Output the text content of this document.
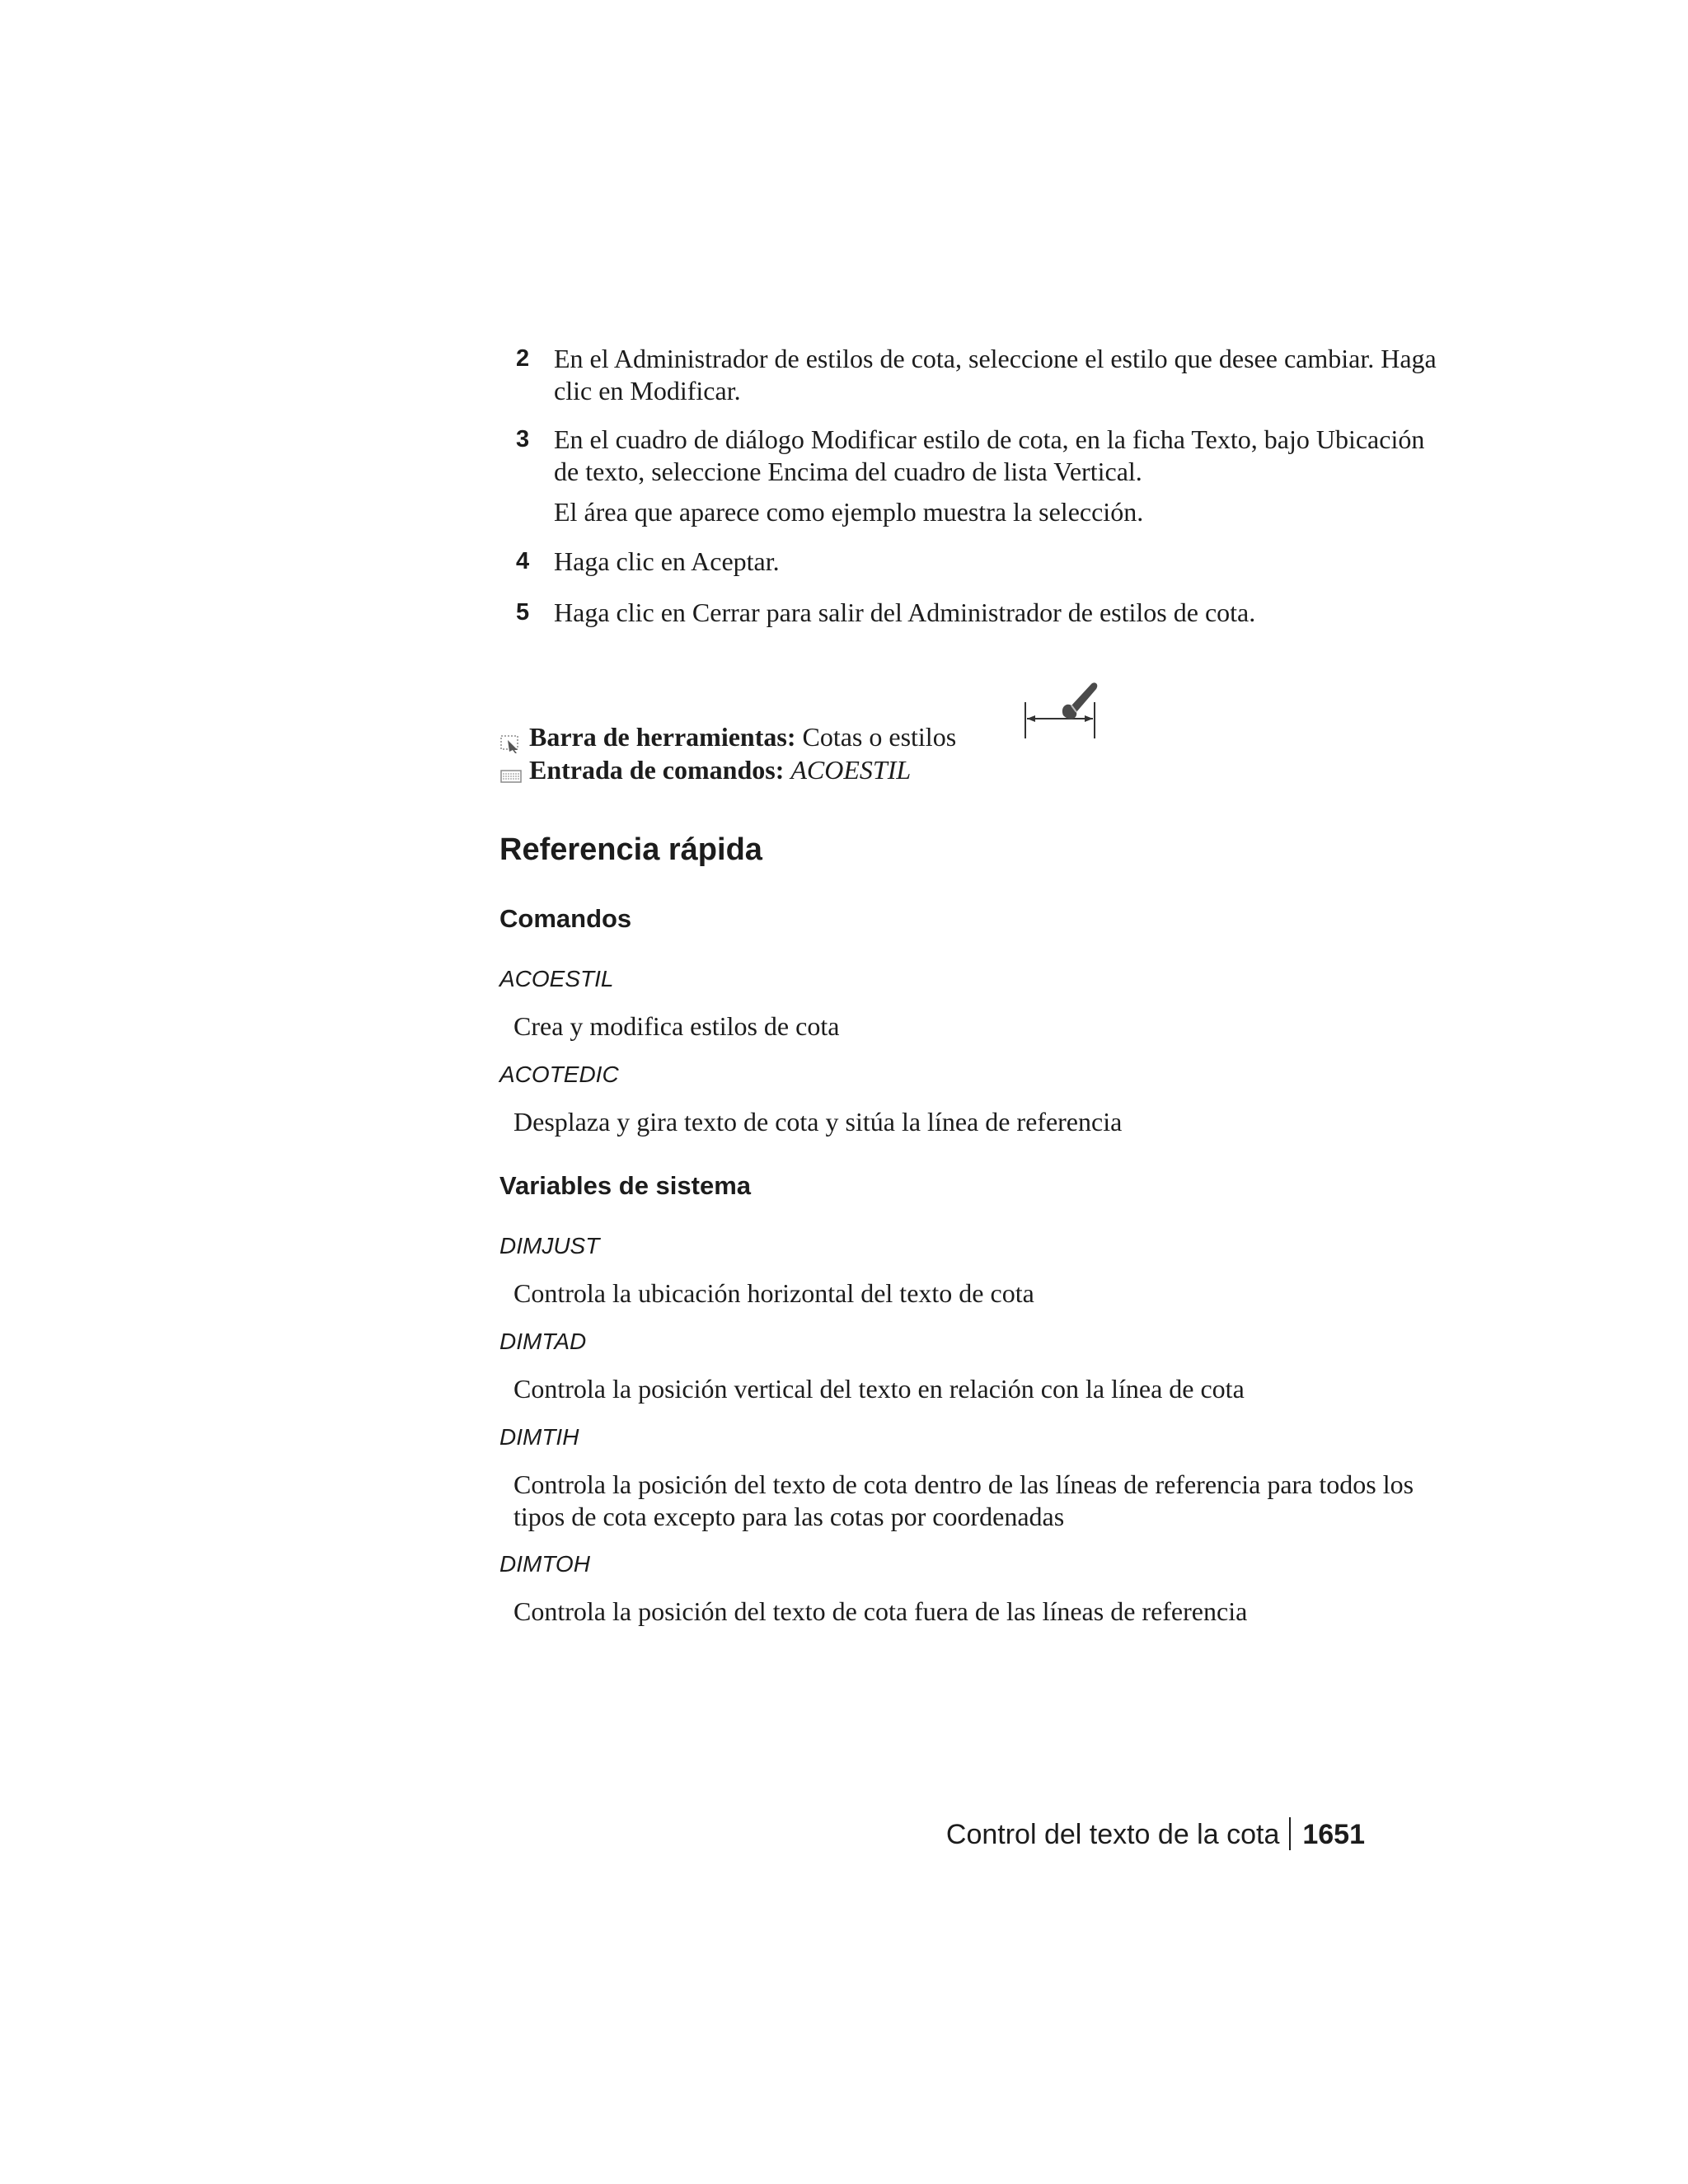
2 En el Administrador de estilos de cota, seleccione el estilo que desee cambiar. Haga clic en Modificar.
3 En el cuadro de diálogo Modificar estilo de cota, en la ficha Texto, bajo Ubicación de texto, seleccione Encima del cuadro de lista Vertical.
El área que aparece como ejemplo muestra la selección.
4 Haga clic en Aceptar.
5 Haga clic en Cerrar para salir del Administrador de estilos de cota.
Barra de herramientas: Cotas o estilos
Entrada de comandos: ACOESTIL
Referencia rápida
Comandos
ACOESTIL
Crea y modifica estilos de cota
ACOTEDIC
Desplaza y gira texto de cota y sitúa la línea de referencia
Variables de sistema
DIMJUST
Controla la ubicación horizontal del texto de cota
DIMTAD
Controla la posición vertical del texto en relación con la línea de cota
DIMTIH
Controla la posición del texto de cota dentro de las líneas de referencia para todos los tipos de cota excepto para las cotas por coordenadas
DIMTOH
Controla la posición del texto de cota fuera de las líneas de referencia
Control del texto de la cota 1651
